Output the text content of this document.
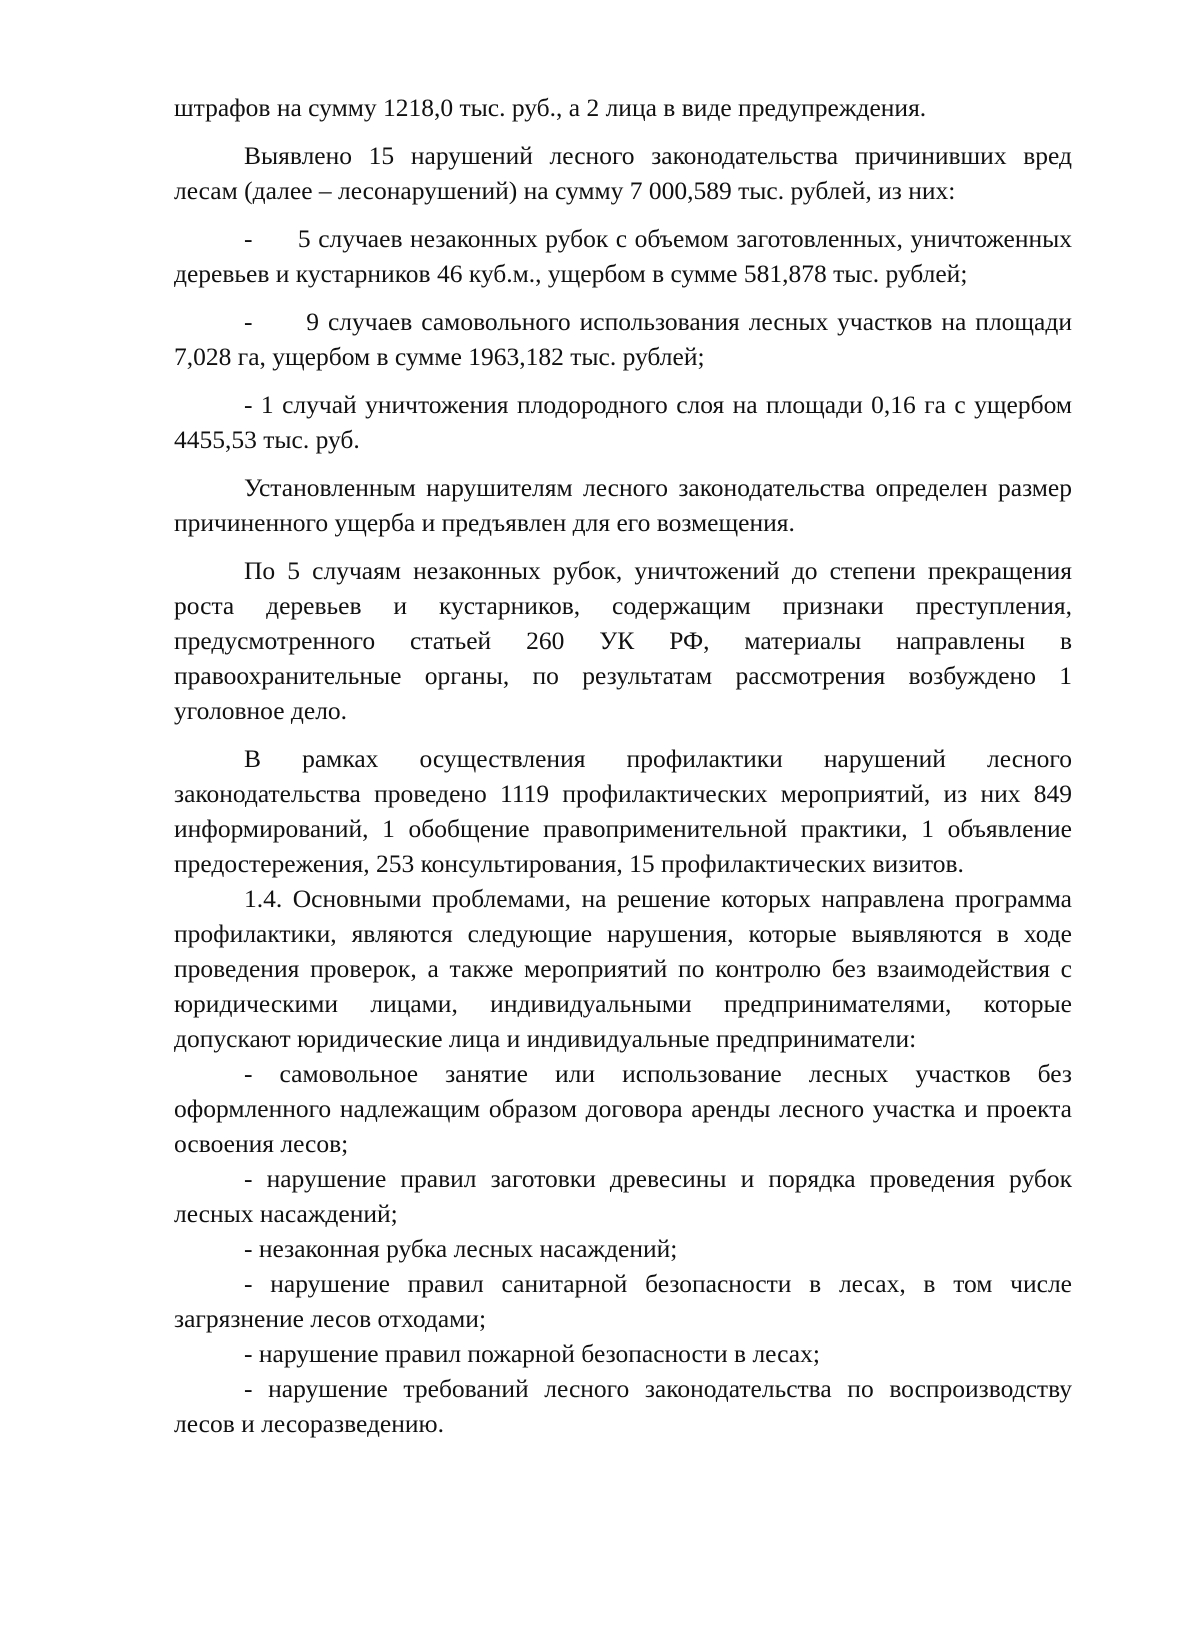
штрафов на сумму 1218,0 тыс. руб., а 2 лица в виде предупреждения.

Выявлено 15 нарушений лесного законодательства причинивших вред лесам (далее – лесонарушений) на сумму 7 000,589 тыс. рублей, из них:

-      5 случаев незаконных рубок с объемом заготовленных, уничтоженных деревьев и кустарников 46 куб.м., ущербом в сумме 581,878 тыс. рублей;

-      9 случаев самовольного использования лесных участков на площади 7,028 га, ущербом в сумме 1963,182 тыс. рублей;

- 1 случай уничтожения плодородного слоя на площади 0,16 га с ущербом 4455,53 тыс. руб.

Установленным нарушителям лесного законодательства определен размер причиненного ущерба и предъявлен для его возмещения.

По 5 случаям незаконных рубок, уничтожений до степени прекращения роста деревьев и кустарников, содержащим признаки преступления, предусмотренного статьей 260 УК РФ, материалы направлены в правоохранительные органы, по результатам рассмотрения возбуждено 1 уголовное дело.

В рамках осуществления профилактики нарушений лесного законодательства проведено 1119 профилактических мероприятий, из них 849 информирований, 1 обобщение правоприменительной практики, 1 объявление предостережения, 253 консультирования, 15 профилактических визитов.

1.4. Основными проблемами, на решение которых направлена программа профилактики, являются следующие нарушения, которые выявляются в ходе проведения проверок, а также мероприятий по контролю без взаимодействия с юридическими лицами, индивидуальными предпринимателями, которые допускают юридические лица и индивидуальные предприниматели:

- самовольное занятие или использование лесных участков без оформленного надлежащим образом договора аренды лесного участка и проекта освоения лесов;

- нарушение правил заготовки древесины и порядка проведения рубок лесных насаждений;

- незаконная рубка лесных насаждений;

- нарушение правил санитарной безопасности в лесах, в том числе загрязнение лесов отходами;

- нарушение правил пожарной безопасности в лесах;

- нарушение требований лесного законодательства по воспроизводству лесов и лесоразведению.
